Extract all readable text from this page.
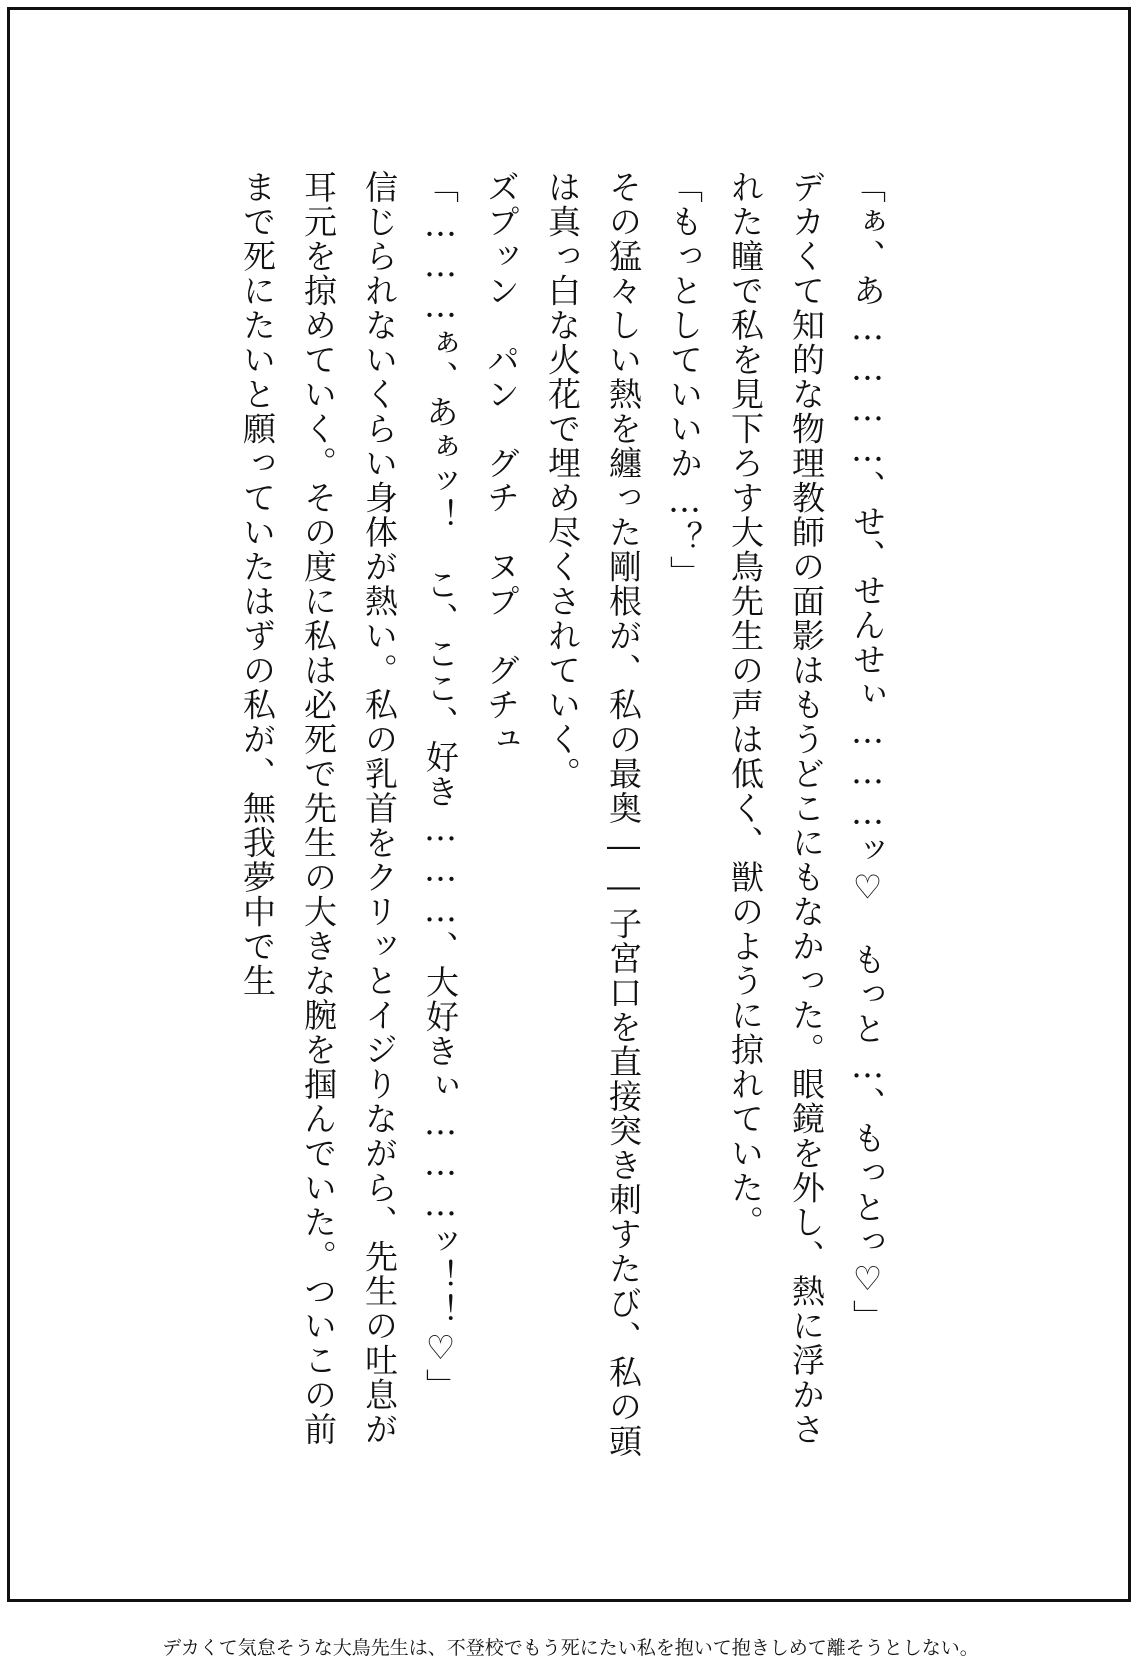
「ぁ、あ…………、せ、せんせぃ………ッ♡　もっと…、もっとっ♡」

デカくて知的な物理教師の面影はもうどこにもなかった。眼鏡を外し、熱に浮かされた瞳で私を見下ろす大鳥先生の声は低く、獣のように掠れていた。

「もっとしていいか…？」

その猛々しい熱を纏った剛根が、私の最奥――子宮口を直接突き刺すたび、私の頭は真っ白な火花で埋め尽くされていく。

ズプッン　パン　グチ　ヌプ　グチュ

「………ぁ、あぁッ！　こ、ここ、好き………、大好きぃ………ッ！！♡」

信じられないくらい身体が熱い。私の乳首をクリッとイジりながら、先生の吐息が耳元を掠めていく。その度に私は必死で先生の大きな腕を掴んでいた。ついこの前まで死にたいと願っていたはずの私が、無我夢中で生

デカくて気怠そうな大鳥先生は、不登校でもう死にたい私を抱いて抱きしめて離そうとしない。
